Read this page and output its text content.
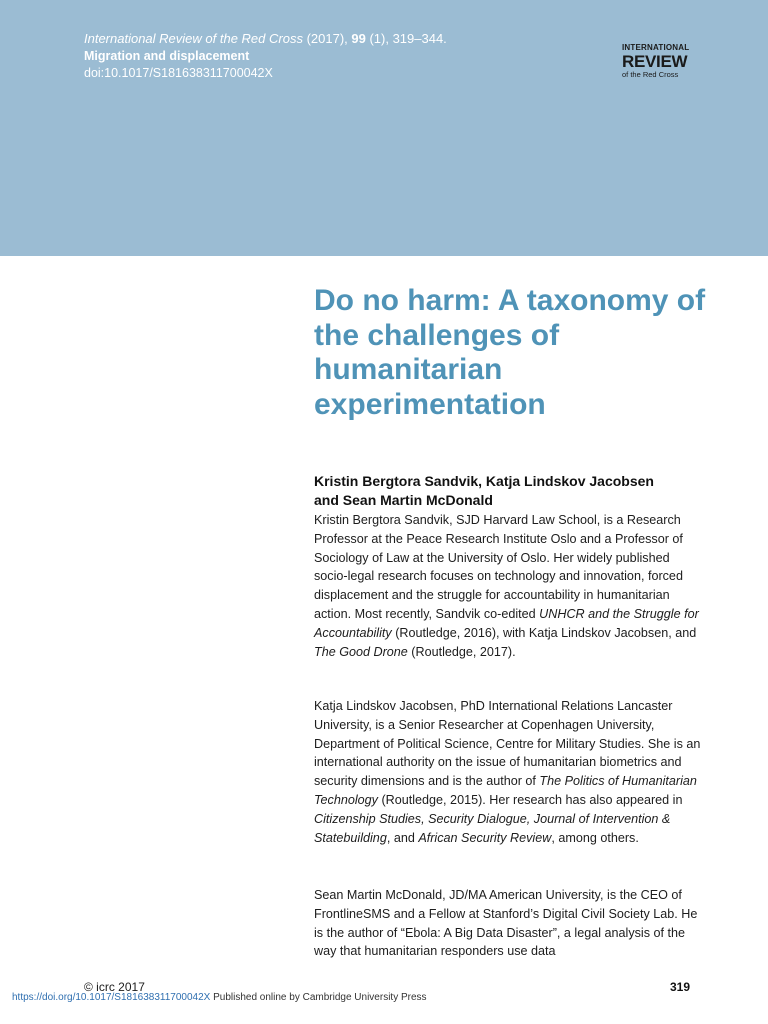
International Review of the Red Cross (2017), 99 (1), 319–344.
Migration and displacement
doi:10.1017/S181638311700042X
INTERNATIONAL
REVIEW
of the Red Cross
Do no harm: A taxonomy of the challenges of humanitarian experimentation
Kristin Bergtora Sandvik, Katja Lindskov Jacobsen
and Sean Martin McDonald
Kristin Bergtora Sandvik, SJD Harvard Law School, is a Research Professor at the Peace Research Institute Oslo and a Professor of Sociology of Law at the University of Oslo. Her widely published socio-legal research focuses on technology and innovation, forced displacement and the struggle for accountability in humanitarian action. Most recently, Sandvik co-edited UNHCR and the Struggle for Accountability (Routledge, 2016), with Katja Lindskov Jacobsen, and The Good Drone (Routledge, 2017).
Katja Lindskov Jacobsen, PhD International Relations Lancaster University, is a Senior Researcher at Copenhagen University, Department of Political Science, Centre for Military Studies. She is an international authority on the issue of humanitarian biometrics and security dimensions and is the author of The Politics of Humanitarian Technology (Routledge, 2015). Her research has also appeared in Citizenship Studies, Security Dialogue, Journal of Intervention & Statebuilding, and African Security Review, among others.
Sean Martin McDonald, JD/MA American University, is the CEO of FrontlineSMS and a Fellow at Stanford’s Digital Civil Society Lab. He is the author of “Ebola: A Big Data Disaster”, a legal analysis of the way that humanitarian responders use data
© icrc 2017	319
https://doi.org/10.1017/S181638311700042X Published online by Cambridge University Press
